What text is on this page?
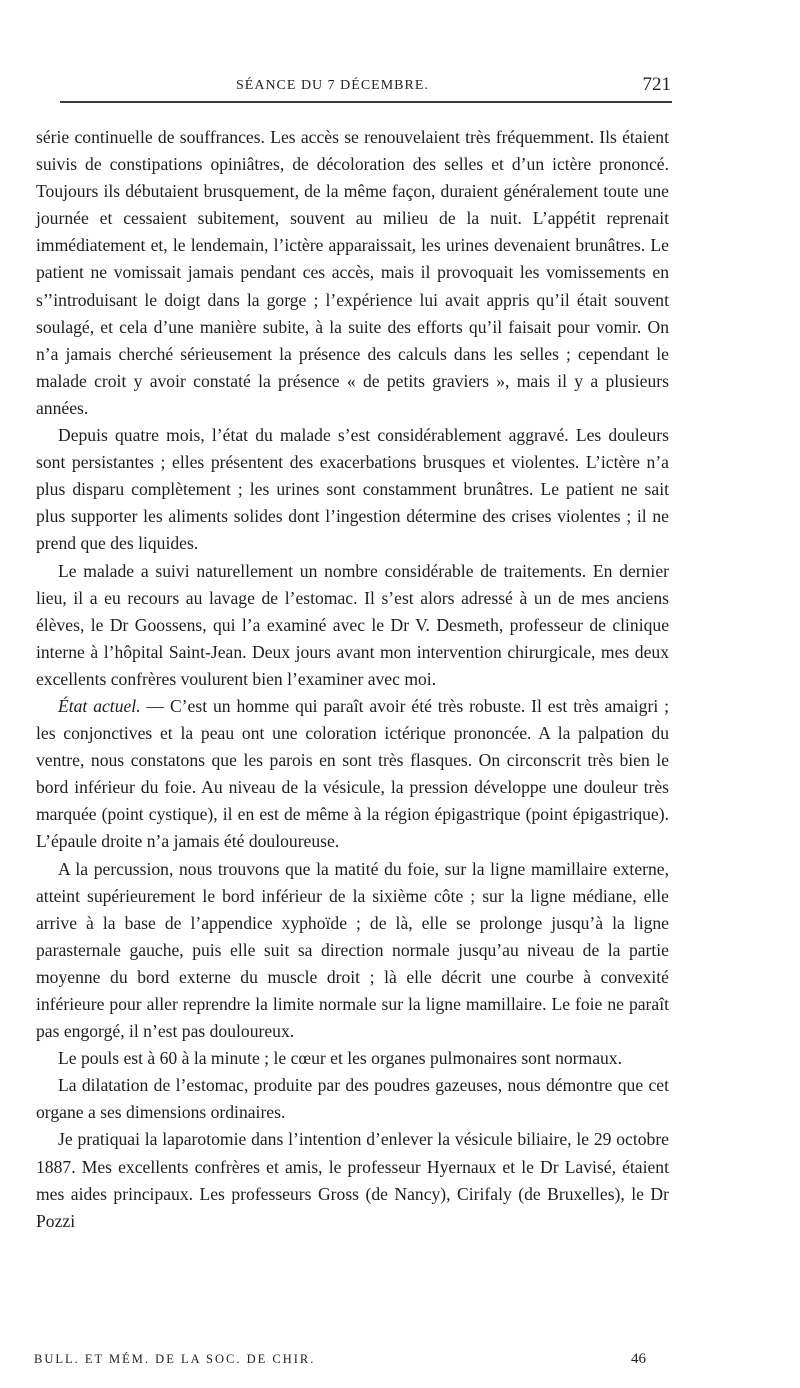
SÉANCE DU 7 DÉCEMBRE.	721

série continuelle de souffrances. Les accès se renouvelaient très fréquemment. Ils étaient suivis de constipations opiniâtres, de décoloration des selles et d’un ictère prononcé. Toujours ils débutaient brusquement, de la même façon, duraient généralement toute une journée et cessaient subitement, souvent au milieu de la nuit. L’appétit reprenait immédiatement et, le lendemain, l’ictère apparaissait, les urines devenaient brunâtres. Le patient ne vomissait jamais pendant ces accès, mais il provoquait les vomissements en s’’introduisant le doigt dans la gorge ; l’expérience lui avait appris qu’il était souvent soulagé, et cela d’une manière subite, à la suite des efforts qu’il faisait pour vomir. On n’a jamais cherché sérieusement la présence des calculs dans les selles ; cependant le malade croit y avoir constaté la présence « de petits graviers », mais il y a plusieurs années.

Depuis quatre mois, l’état du malade s’est considérablement aggravé. Les douleurs sont persistantes ; elles présentent des exacerbations brusques et violentes. L’ictère n’a plus disparu complètement ; les urines sont constamment brunâtres. Le patient ne sait plus supporter les aliments solides dont l’ingestion détermine des crises violentes ; il ne prend que des liquides.

Le malade a suivi naturellement un nombre considérable de traitements. En dernier lieu, il a eu recours au lavage de l’estomac. Il s’est alors adressé à un de mes anciens élèves, le Dr Goossens, qui l’a examiné avec le Dr V. Desmeth, professeur de clinique interne à l’hôpital Saint-Jean. Deux jours avant mon intervention chirurgicale, mes deux excellents confrères voulurent bien l’examiner avec moi.

État actuel. — C’est un homme qui paraît avoir été très robuste. Il est très amaigri ; les conjonctives et la peau ont une coloration ictérique prononcée. A la palpation du ventre, nous constatons que les parois en sont très flasques. On circonscrit très bien le bord inférieur du foie. Au niveau de la vésicule, la pression développe une douleur très marquée (point cystique), il en est de même à la région épigastrique (point épigastrique). L’épaule droite n’a jamais été douloureuse.

A la percussion, nous trouvons que la matité du foie, sur la ligne mamillaire externe, atteint supérieurement le bord inférieur de la sixième côte ; sur la ligne médiane, elle arrive à la base de l’appendice xyphoïde ; de là, elle se prolonge jusqu’à la ligne parasternale gauche, puis elle suit sa direction normale jusqu’au niveau de la partie moyenne du bord externe du muscle droit ; là elle décrit une courbe à convexité inférieure pour aller reprendre la limite normale sur la ligne mamillaire. Le foie ne paraît pas engorgé, il n’est pas douloureux.

Le pouls est à 60 à la minute ; le cœur et les organes pulmonaires sont normaux.

La dilatation de l’estomac, produite par des poudres gazeuses, nous démontre que cet organe a ses dimensions ordinaires.

Je pratiquai la laparotomie dans l’intention d’enlever la vésicule biliaire, le 29 octobre 1887. Mes excellents confrères et amis, le professeur Hyernaux et le Dr Lavisé, étaient mes aides principaux. Les professeurs Gross (de Nancy), Cirifaly (de Bruxelles), le Dr Pozzi

BULL. ET MÉM. DE LA SOC. DE CHIR.	46
